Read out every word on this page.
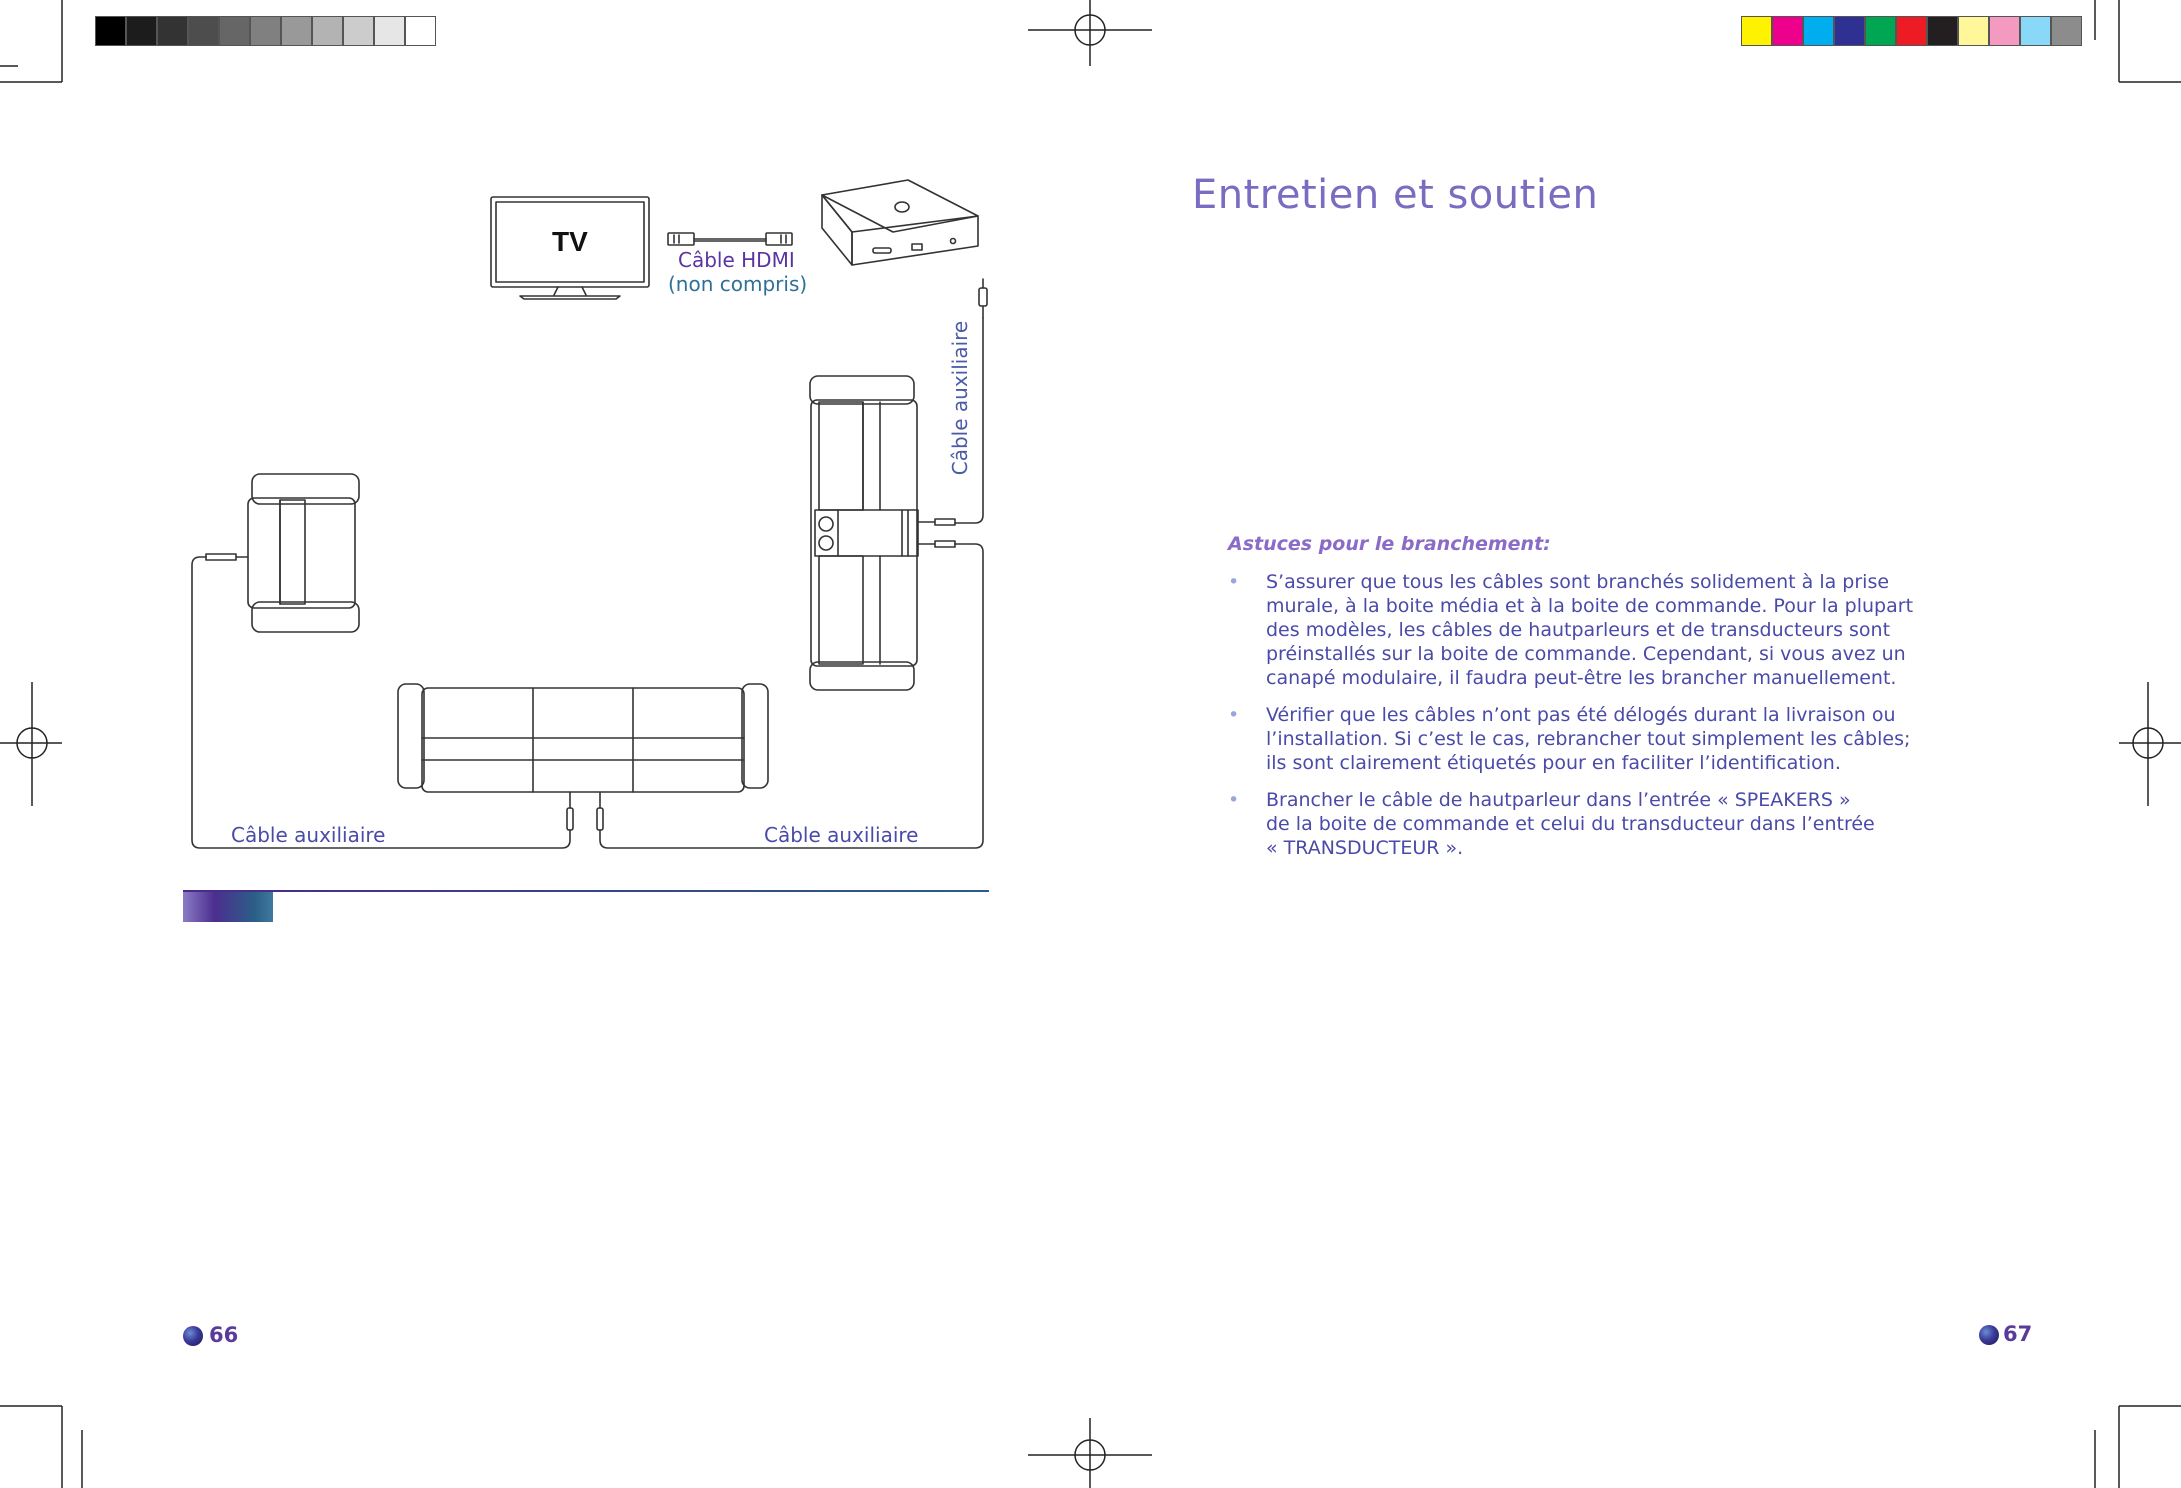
TV
Câble HDMI
(non compris)
Câble auxiliaire
Câble auxiliaire	Câble auxiliaire
Entretien et soutien
Astuces pour le branchement:
• S’assurer que tous les câbles sont branchés solidement à la prise
murale, à la boite média et à la boite de commande. Pour la plupart
des modèles, les câbles de hautparleurs et de transducteurs sont
préinstallés sur la boite de commande. Cependant, si vous avez un
canapé modulaire, il faudra peut-être les brancher manuellement.
• Vérifier que les câbles n’ont pas été délogés durant la livraison ou
l’installation. Si c’est le cas, rebrancher tout simplement les câbles;
ils sont clairement étiquetés pour en faciliter l’identification.
• Brancher le câble de hautparleur dans l’entrée « SPEAKERS »
de la boite de commande et celui du transducteur dans l’entrée
« TRANSDUCTEUR ».
66	67
